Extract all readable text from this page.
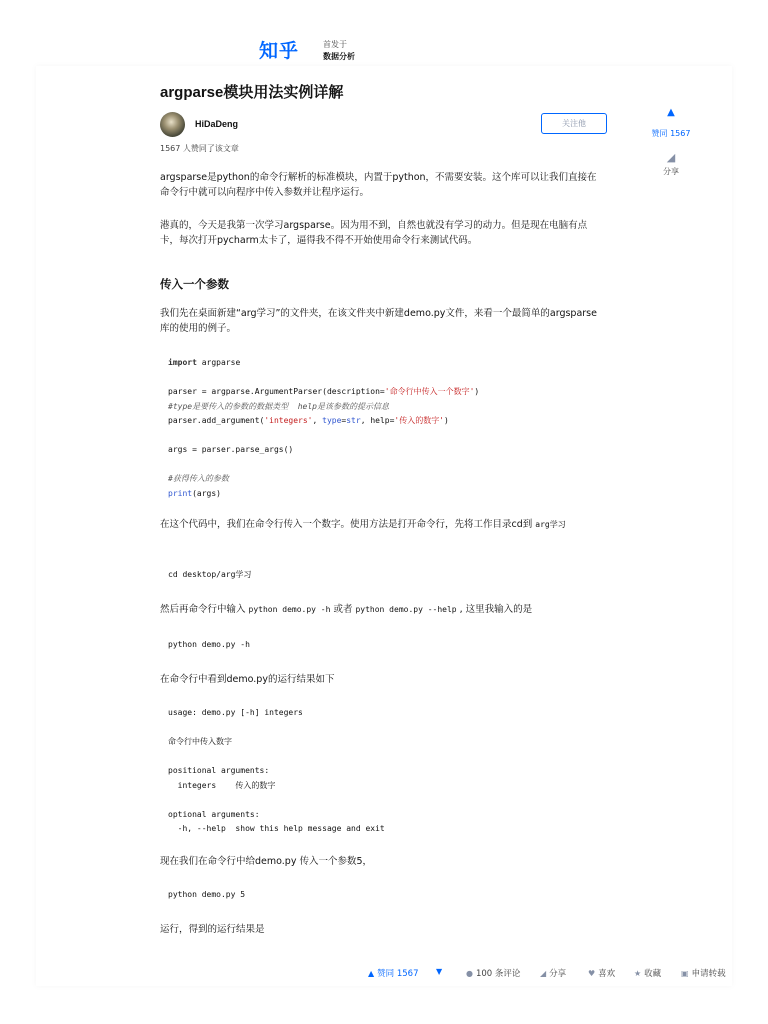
知乎	首发于
数据分析
argparse模块用法实例详解
HiDaDeng	关注他
1567 人赞同了该文章
▲
赞同 1567
◢
分享

argsparse是python的命令行解析的标准模块，内置于python，不需要安装。这个库可以让我们直接在命令行中就可以向程序中传入参数并让程序运行。

港真的，今天是我第一次学习argsparse。因为用不到，自然也就没有学习的动力。但是现在电脑有点卡，每次打开pycharm太卡了，逼得我不得不开始使用命令行来测试代码。

传入一个参数

我们先在桌面新建“arg学习”的文件夹，在该文件夹中新建demo.py文件，来看一个最简单的argsparse库的使用的例子。

import argparse

parser = argparse.ArgumentParser(description='命令行中传入一个数字')
#type是要传入的参数的数据类型  help是该参数的提示信息
parser.add_argument('integers', type=str, help='传入的数字')

args = parser.parse_args()

#获得传入的参数
print(args)

在这个代码中，我们在命令行传入一个数字。使用方法是打开命令行，先将工作目录cd到 arg学习

cd desktop/arg学习

然后再命令行中输入 python demo.py -h 或者 python demo.py --help , 这里我输入的是

python demo.py -h

在命令行中看到demo.py的运行结果如下

usage: demo.py [-h] integers

命令行中传入数字

positional arguments:
integers    传入的数字

optional arguments:
-h, --help  show this help message and exit

现在我们在命令行中给demo.py 传入一个参数5，

python demo.py 5

运行，得到的运行结果是

▲ 赞同 1567 ▼	● 100 条评论 ◢ 分享	♥ 喜欢 ★ 收藏 ▣ 申请转载
